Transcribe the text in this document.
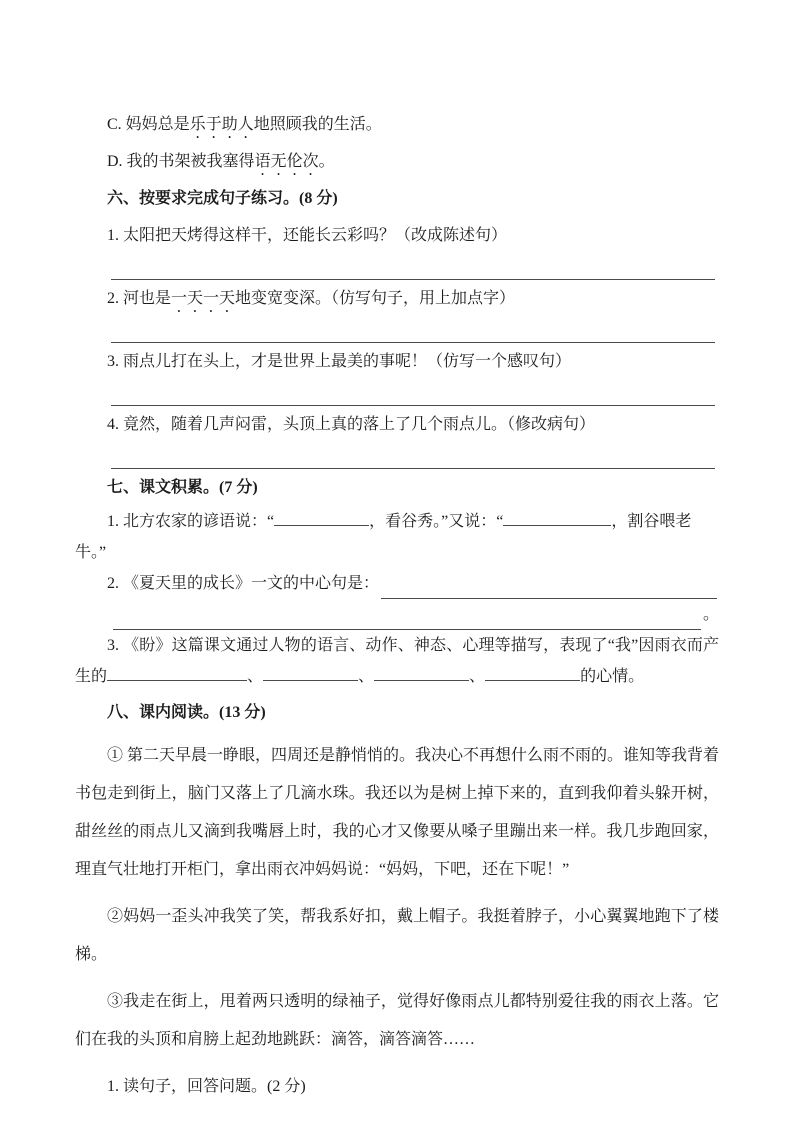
C. 妈妈总是乐于助人地照顾我的生活。

D. 我的书架被我塞得语无伦次。

六、按要求完成句子练习。(8 分)

1. 太阳把天烤得这样干，还能长云彩吗？（改成陈述句）

2. 河也是一天一天地变宽变深。（仿写句子，用上加点字）

3. 雨点儿打在头上，才是世界上最美的事呢！（仿写一个感叹句）

4. 竟然，随着几声闷雷，头顶上真的落上了几个雨点儿。（修改病句）

七、课文积累。(7 分)

1. 北方农家的谚语说：“	，看谷秀。”又说：“	，割谷喂老牛。”

2. 《夏天里的成长》一文的中心句是：

。

3. 《盼》这篇课文通过人物的语言、动作、神态、心理等描写，表现了“我”因雨衣而产生的	、	、	、	的心情。

八、课内阅读。(13 分)

① 第二天早晨一睁眼，四周还是静悄悄的。我决心不再想什么雨不雨的。谁知等我背着书包走到街上，脑门又落上了几滴水珠。我还以为是树上掉下来的，直到我仰着头躲开树，甜丝丝的雨点儿又滴到我嘴唇上时，我的心才又像要从嗓子里蹦出来一样。我几步跑回家，理直气壮地打开柜门，拿出雨衣冲妈妈说：“妈妈，下吧，还在下呢！”

②妈妈一歪头冲我笑了笑，帮我系好扣，戴上帽子。我挺着脖子，小心翼翼地跑下了楼梯。

③我走在街上，甩着两只透明的绿袖子，觉得好像雨点儿都特别爱往我的雨衣上落。它们在我的头顶和肩膀上起劲地跳跃：滴答，滴答滴答……

1. 读句子，回答问题。(2 分)
